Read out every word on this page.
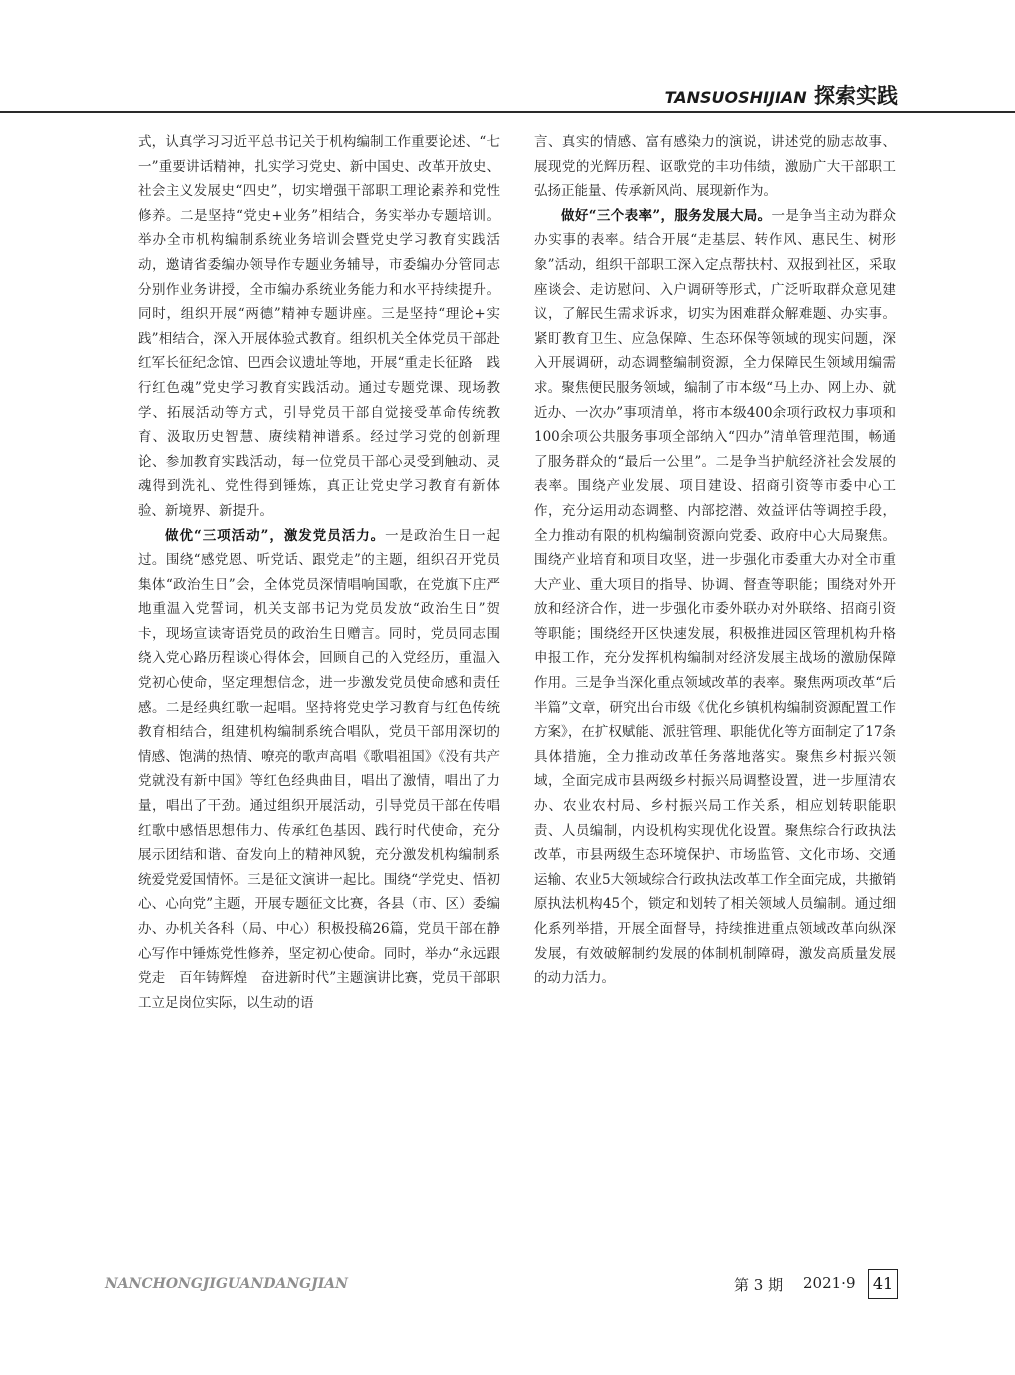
TANSUOSHIJIAN 探索实践

式，认真学习习近平总书记关于机构编制工作重要论述、“七一”重要讲话精神，扎实学习党史、新中国史、改革开放史、社会主义发展史“四史”，切实增强干部职工理论素养和党性修养。二是坚持“党史+业务”相结合，务实举办专题培训。举办全市机构编制系统业务培训会暨党史学习教育实践活动，邀请省委编办领导作专题业务辅导，市委编办分管同志分别作业务讲授，全市编办系统业务能力和水平持续提升。同时，组织开展“两德”精神专题讲座。三是坚持“理论+实践”相结合，深入开展体验式教育。组织机关全体党员干部赴红军长征纪念馆、巴西会议遗址等地，开展“重走长征路　践行红色魂”党史学习教育实践活动。通过专题党课、现场教学、拓展活动等方式，引导党员干部自觉接受革命传统教育、汲取历史智慧、赓续精神谱系。经过学习党的创新理论、参加教育实践活动，每一位党员干部心灵受到触动、灵魂得到洗礼、党性得到锤炼，真正让党史学习教育有新体验、新境界、新提升。

做优“三项活动”，激发党员活力。一是政治生日一起过。围绕“感党恩、听党话、跟党走”的主题，组织召开党员集体“政治生日”会，全体党员深情唱响国歌，在党旗下庄严地重温入党誓词，机关支部书记为党员发放“政治生日”贺卡，现场宣读寄语党员的政治生日赠言。同时，党员同志围绕入党心路历程谈心得体会，回顾自己的入党经历，重温入党初心使命，坚定理想信念，进一步激发党员使命感和责任感。二是经典红歌一起唱。坚持将党史学习教育与红色传统教育相结合，组建机构编制系统合唱队，党员干部用深切的情感、饱满的热情、嘹亮的歌声高唱《歌唱祖国》《没有共产党就没有新中国》等红色经典曲目，唱出了激情，唱出了力量，唱出了干劲。通过组织开展活动，引导党员干部在传唱红歌中感悟思想伟力、传承红色基因、践行时代使命，充分展示团结和谐、奋发向上的精神风貌，充分激发机构编制系统爱党爱国情怀。三是征文演讲一起比。围绕“学党史、悟初心、心向党”主题，开展专题征文比赛，各县（市、区）委编办、办机关各科（局、中心）积极投稿26篇，党员干部在静心写作中锤炼党性修养，坚定初心使命。同时，举办“永远跟党走　百年铸辉煌　奋进新时代”主题演讲比赛，党员干部职工立足岗位实际，以生动的语

言、真实的情感、富有感染力的演说，讲述党的励志故事、展现党的光辉历程、讴歌党的丰功伟绩，激励广大干部职工弘扬正能量、传承新风尚、展现新作为。

做好“三个表率”，服务发展大局。一是争当主动为群众办实事的表率。结合开展“走基层、转作风、惠民生、树形象”活动，组织干部职工深入定点帮扶村、双报到社区，采取座谈会、走访慰问、入户调研等形式，广泛听取群众意见建议，了解民生需求诉求，切实为困难群众解难题、办实事。紧盯教育卫生、应急保障、生态环保等领域的现实问题，深入开展调研，动态调整编制资源，全力保障民生领域用编需求。聚焦便民服务领域，编制了市本级“马上办、网上办、就近办、一次办”事项清单，将市本级400余项行政权力事项和100余项公共服务事项全部纳入“四办”清单管理范围，畅通了服务群众的“最后一公里”。二是争当护航经济社会发展的表率。围绕产业发展、项目建设、招商引资等市委中心工作，充分运用动态调整、内部挖潜、效益评估等调控手段，全力推动有限的机构编制资源向党委、政府中心大局聚焦。围绕产业培育和项目攻坚，进一步强化市委重大办对全市重大产业、重大项目的指导、协调、督查等职能；围绕对外开放和经济合作，进一步强化市委外联办对外联络、招商引资等职能；围绕经开区快速发展，积极推进园区管理机构升格申报工作，充分发挥机构编制对经济发展主战场的激励保障作用。三是争当深化重点领域改革的表率。聚焦两项改革“后半篇”文章，研究出台市级《优化乡镇机构编制资源配置工作方案》，在扩权赋能、派驻管理、职能优化等方面制定了17条具体措施，全力推动改革任务落地落实。聚焦乡村振兴领域，全面完成市县两级乡村振兴局调整设置，进一步厘清农办、农业农村局、乡村振兴局工作关系，相应划转职能职责、人员编制，内设机构实现优化设置。聚焦综合行政执法改革，市县两级生态环境保护、市场监管、文化市场、交通运输、农业5大领域综合行政执法改革工作全面完成，共撤销原执法机构45个，锁定和划转了相关领域人员编制。通过细化系列举措，开展全面督导，持续推进重点领域改革向纵深发展，有效破解制约发展的体制机制障碍，激发高质量发展的动力活力。

NANCHONGJIGUANDANGJIAN	第 3 期 2021·9	41
